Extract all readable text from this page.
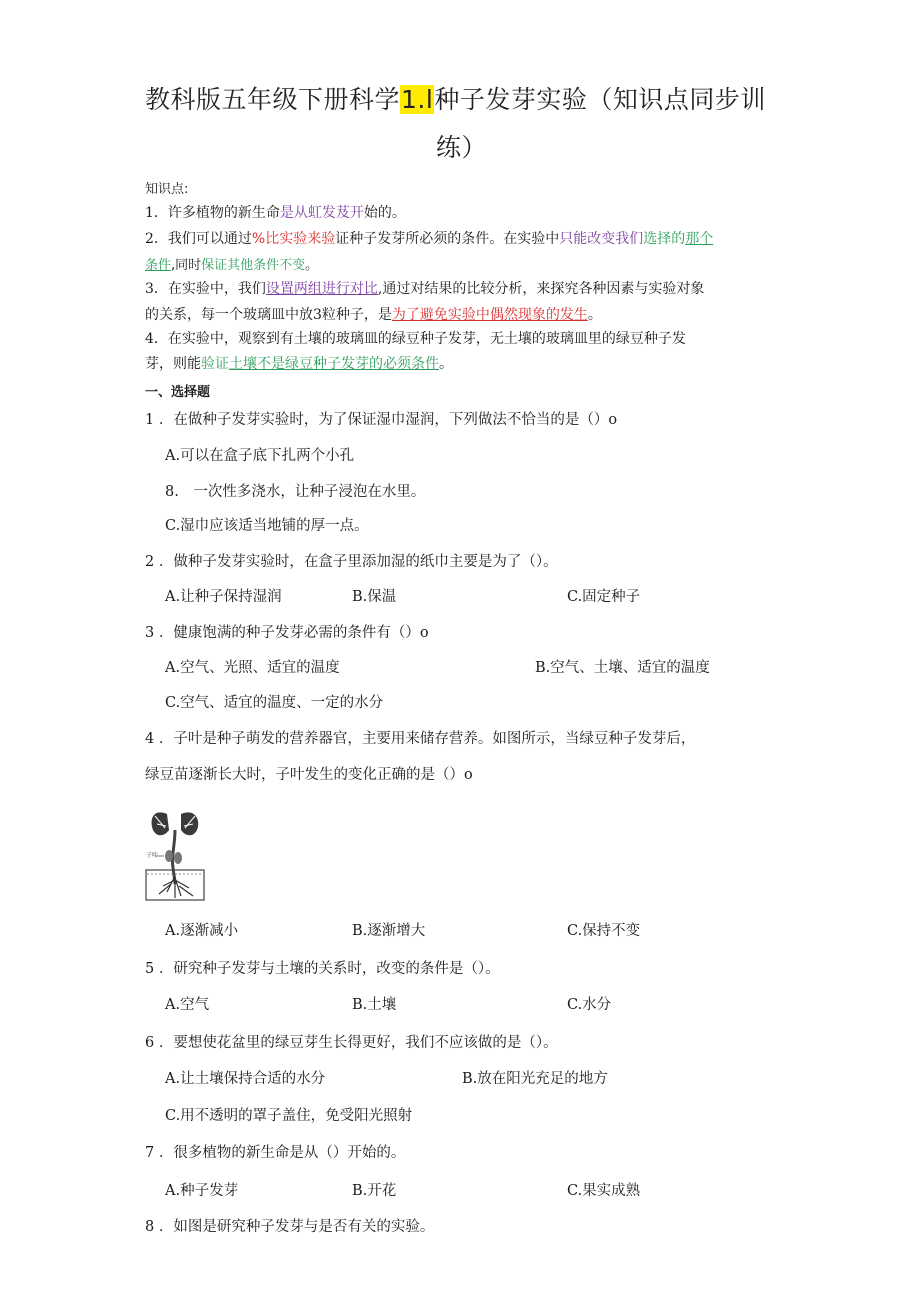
教科版五年级下册科学1.l种子发芽实验（知识点同步训
练）
知识点:
1．许多植物的新生命是从虹发芨开始的。
2．我们可以通过%比实验来验证种子发芽所必须的条件。在实验中只能改变我们选择的那个
条件,同时保证其他条件不变。
3．在实验中，我们设置两组进行对比,通过对结果的比较分析，来探究各种因素与实验对象
的关系，每一个玻璃皿中放3粒种子，是为了避免实验中偶然现象的发生。
4．在实验中，观察到有土壤的玻璃皿的绿豆种子发芽，无土壤的玻璃皿里的绿豆种子发
芽，则能验证土壤不是绿豆种子发芽的必须条件。
一、选择题
1 ．在做种子发芽实验时，为了保证湿巾湿润，下列做法不恰当的是（）o
A.可以在盒子底下扎两个小孔
8.　一次性多浇水，让种子浸泡在水里。
C.湿巾应该适当地铺的厚一点。
2 ．做种子发芽实验时，在盒子里添加湿的纸巾主要是为了（）。
A.让种子保持湿润	B.保温	C.固定种子
3 ．健康饱满的种子发芽必需的条件有（）o
A.空气、光照、适宜的温度	B.空气、土壤、适宜的温度
C.空气、适宜的温度、一定的水分
4 ．子叶是种子萌发的营养器官，主要用来储存营养。如图所示，当绿豆种子发芽后，
绿豆苗逐渐长大时，子叶发生的变化正确的是（）o
子叶
A.逐渐减小	B.逐渐增大	C.保持不变
5 ．研究种子发芽与土壤的关系时，改变的条件是（）。
A.空气	B.土壤	C.水分
6 ．要想使花盆里的绿豆芽生长得更好，我们不应该做的是（）。
A.让土壤保持合适的水分	B.放在阳光充足的地方
C.用不透明的罩子盖住，免受阳光照射
7 ．很多植物的新生命是从（）开始的。
A.种子发芽	B.开花	C.果实成熟
8 ．如图是研究种子发芽与是否有关的实验。
